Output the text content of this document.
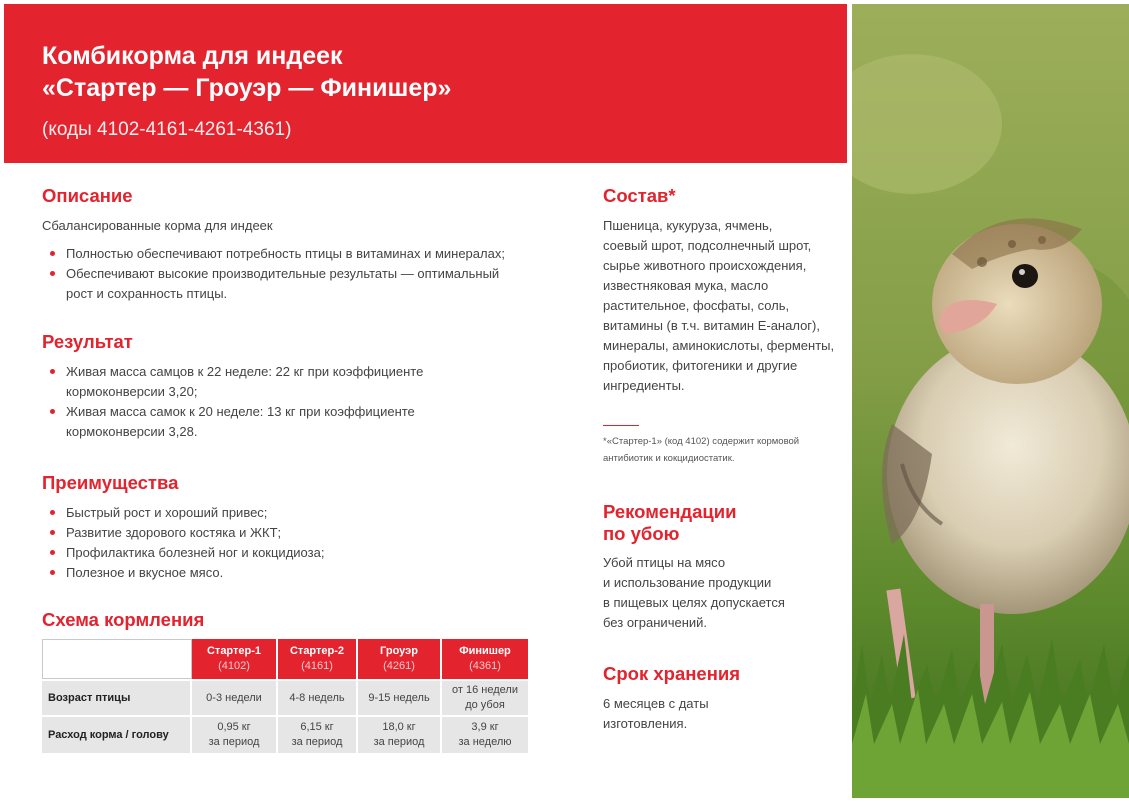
Комбикорма для индеек
«Стартер — Гроуэр — Финишер»
(коды 4102-4161-4261-4361)
Описание
Сбалансированные корма для индеек
Полностью обеспечивают потребность птицы в витаминах и минералах;
Обеспечивают высокие производительные результаты — оптимальный
рост и сохранность птицы.
Результат
Живая масса самцов к 22 неделе: 22 кг при коэффициенте
кормоконверсии 3,20;
Живая масса самок к 20 неделе: 13 кг при коэффициенте
кормоконверсии 3,28.
Преимущества
Быстрый рост и хороший привес;
Развитие здорового костяка и ЖКТ;
Профилактика болезней ног и кокцидиоза;
Полезное и вкусное мясо.
Схема кормления
Стартер-1
(4102)
Стартер-2
(4161)
Гроуэр
(4261)
Финишер
(4361)
Возраст птицы	0-3 недели	4-8 недель 9-15 недель
от 16 недели
до убоя
Расход корма / голову
0,95 кг
за период
6,15 кг
за период
18,0 кг
за период
3,9 кг
за неделю
Состав*
Пшеница, кукуруза, ячмень,
соевый шрот, подсолнечный шрот,
сырье животного происхождения,
известняковая мука, масло
растительное, фосфаты, соль,
витамины (в т.ч. витамин Е-аналог),
минералы, аминокислоты, ферменты,
пробиотик, фитогеники и другие
ингредиенты.
*«Стартер-1» (код 4102) содержит кормовой
антибиотик и кокцидиостатик.
Рекомендации
по убою
Убой птицы на мясо
и использование продукции
в пищевых целях допускается
без ограничений.
Срок хранения
6 месяцев с даты
изготовления.
